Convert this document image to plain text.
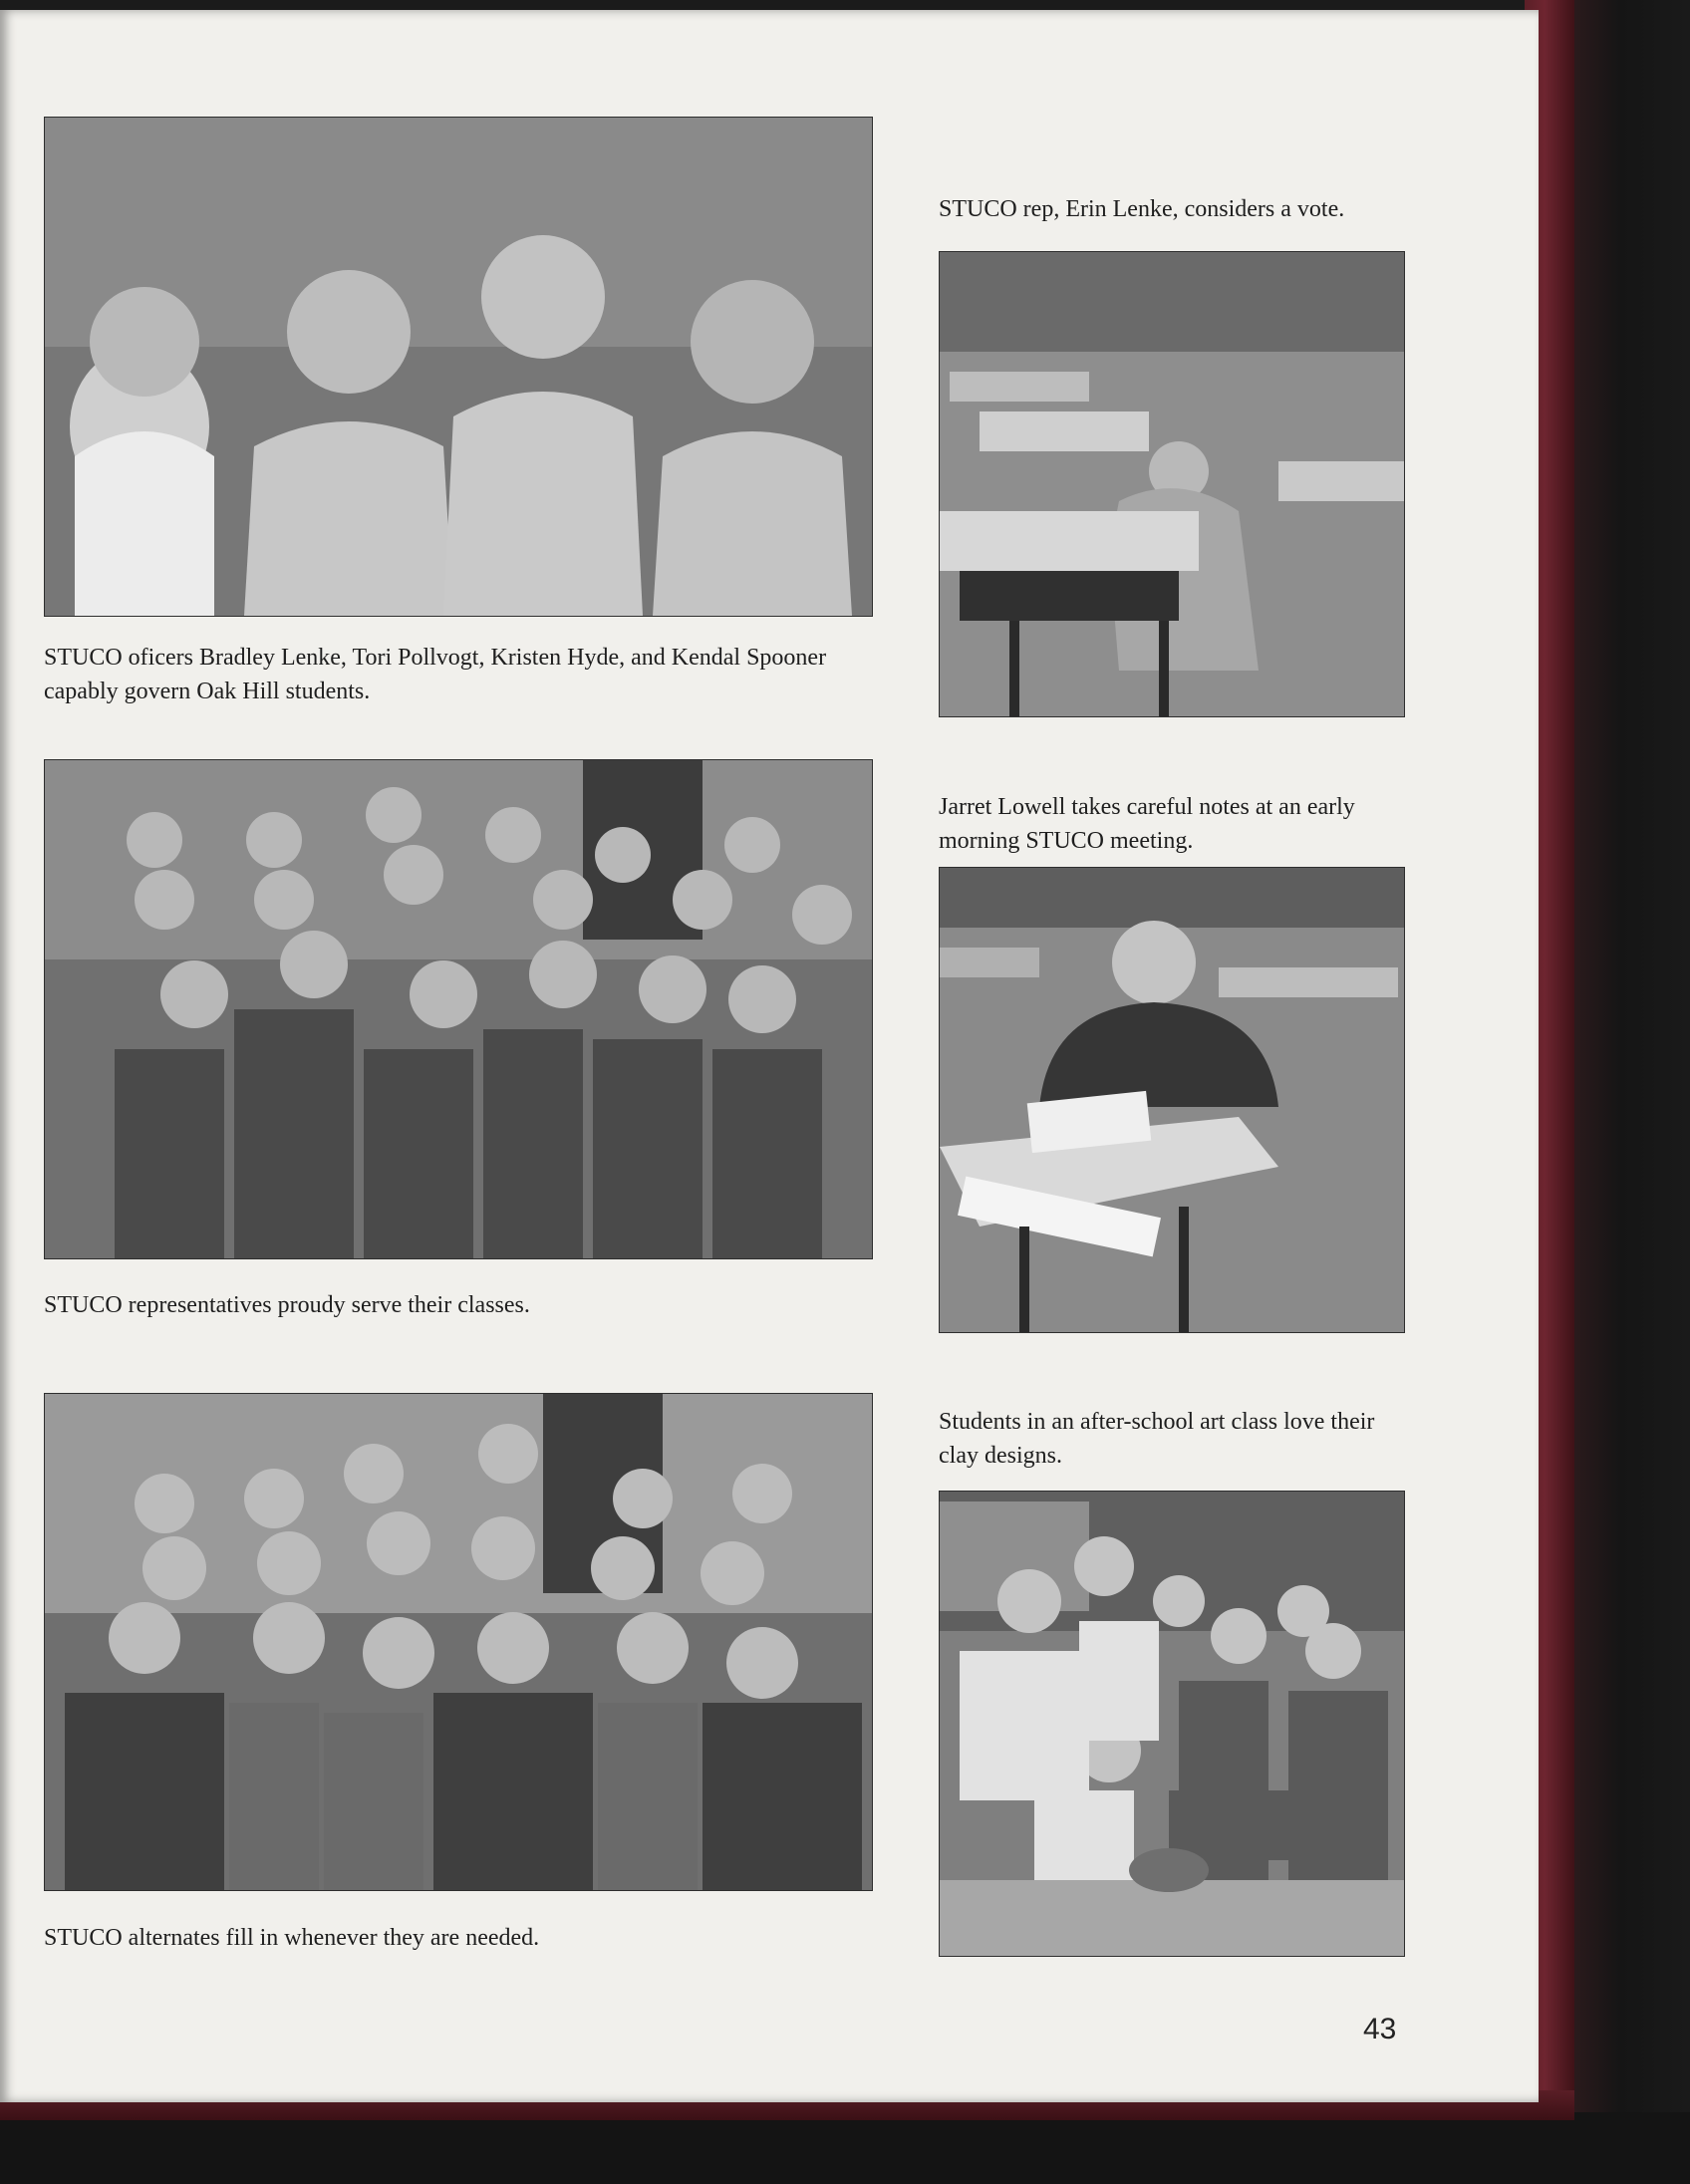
STUCO oficers Bradley Lenke, Tori Pollvogt, Kristen Hyde, and Kendal Spooner capably govern Oak Hill students.
STUCO representatives proudy serve their classes.
STUCO alternates fill in whenever they are needed.
STUCO rep, Erin Lenke, considers a vote.
Jarret Lowell takes careful notes at an early morning STUCO meeting.
Students in an after-school art class love their clay designs.
43
